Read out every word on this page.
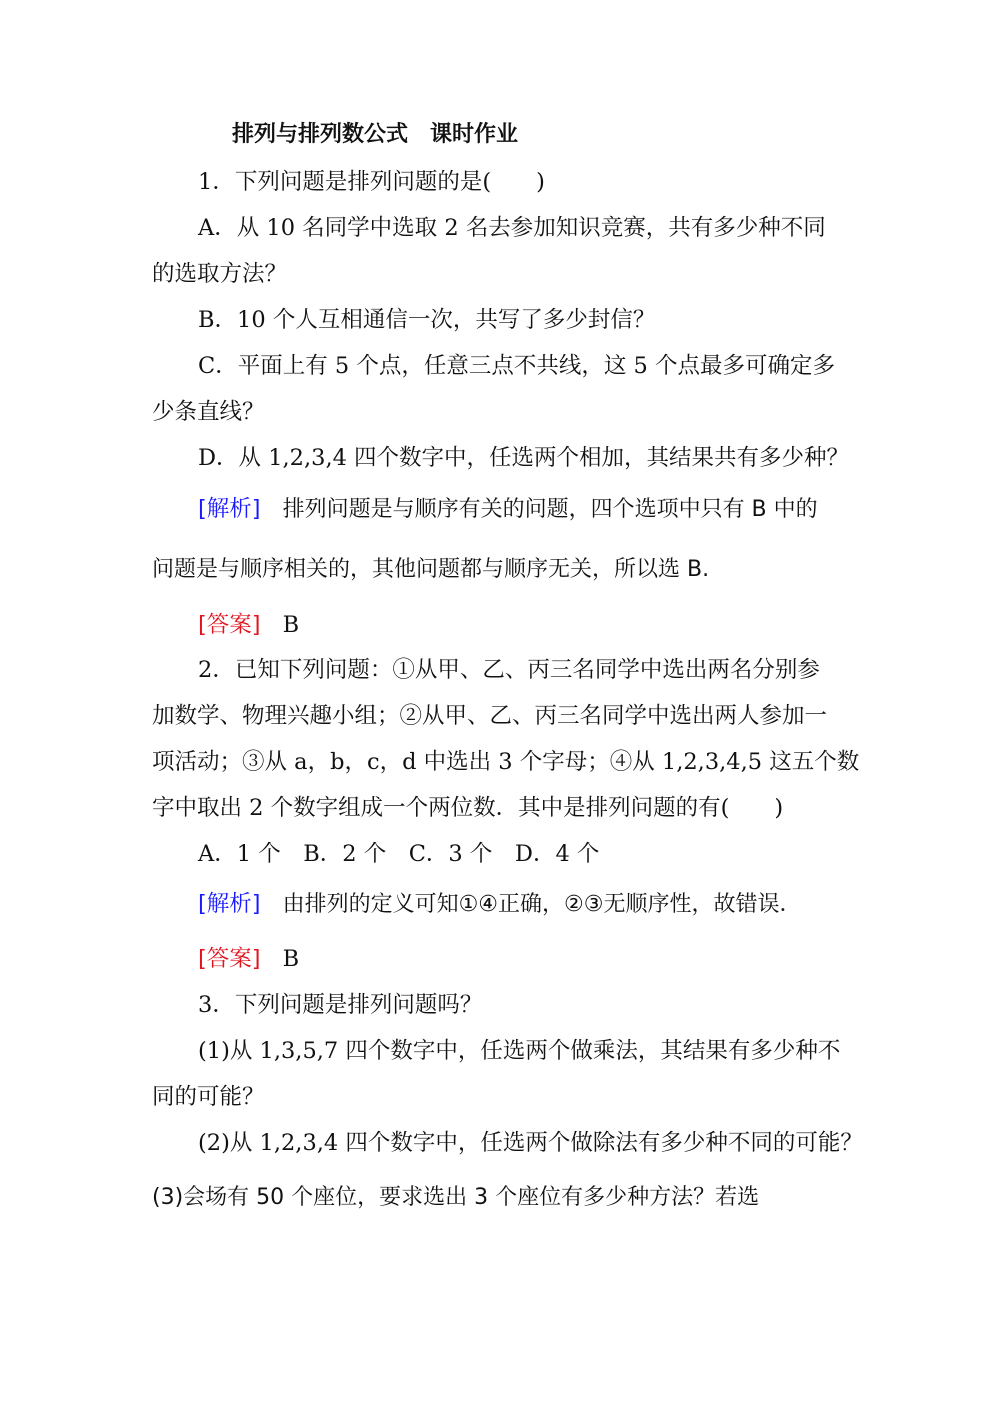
排列与排列数公式　课时作业
1．下列问题是排列问题的是(　　)
A．从 10 名同学中选取 2 名去参加知识竞赛，共有多少种不同
的选取方法？
B．10 个人互相通信一次，共写了多少封信？
C．平面上有 5 个点，任意三点不共线，这 5 个点最多可确定多
少条直线？
D．从 1,2,3,4 四个数字中，任选两个相加，其结果共有多少种？
[解析] 排列问题是与顺序有关的问题，四个选项中只有 B 中的
问题是与顺序相关的，其他问题都与顺序无关，所以选 B.
[答案] B
2．已知下列问题：①从甲、乙、丙三名同学中选出两名分别参
加数学、物理兴趣小组；②从甲、乙、丙三名同学中选出两人参加一
项活动；③从 a，b，c，d 中选出 3 个字母；④从 1,2,3,4,5 这五个数
字中取出 2 个数字组成一个两位数．其中是排列问题的有(　　)
A．1 个　B．2 个　C．3 个　D．4 个
[解析] 由排列的定义可知①④正确，②③无顺序性，故错误．
[答案] B
3．下列问题是排列问题吗？
(1)从 1,3,5,7 四个数字中，任选两个做乘法，其结果有多少种不
同的可能？
(2)从 1,2,3,4 四个数字中，任选两个做除法有多少种不同的可能？
(3)会场有 50 个座位，要求选出 3 个座位有多少种方法？若选
